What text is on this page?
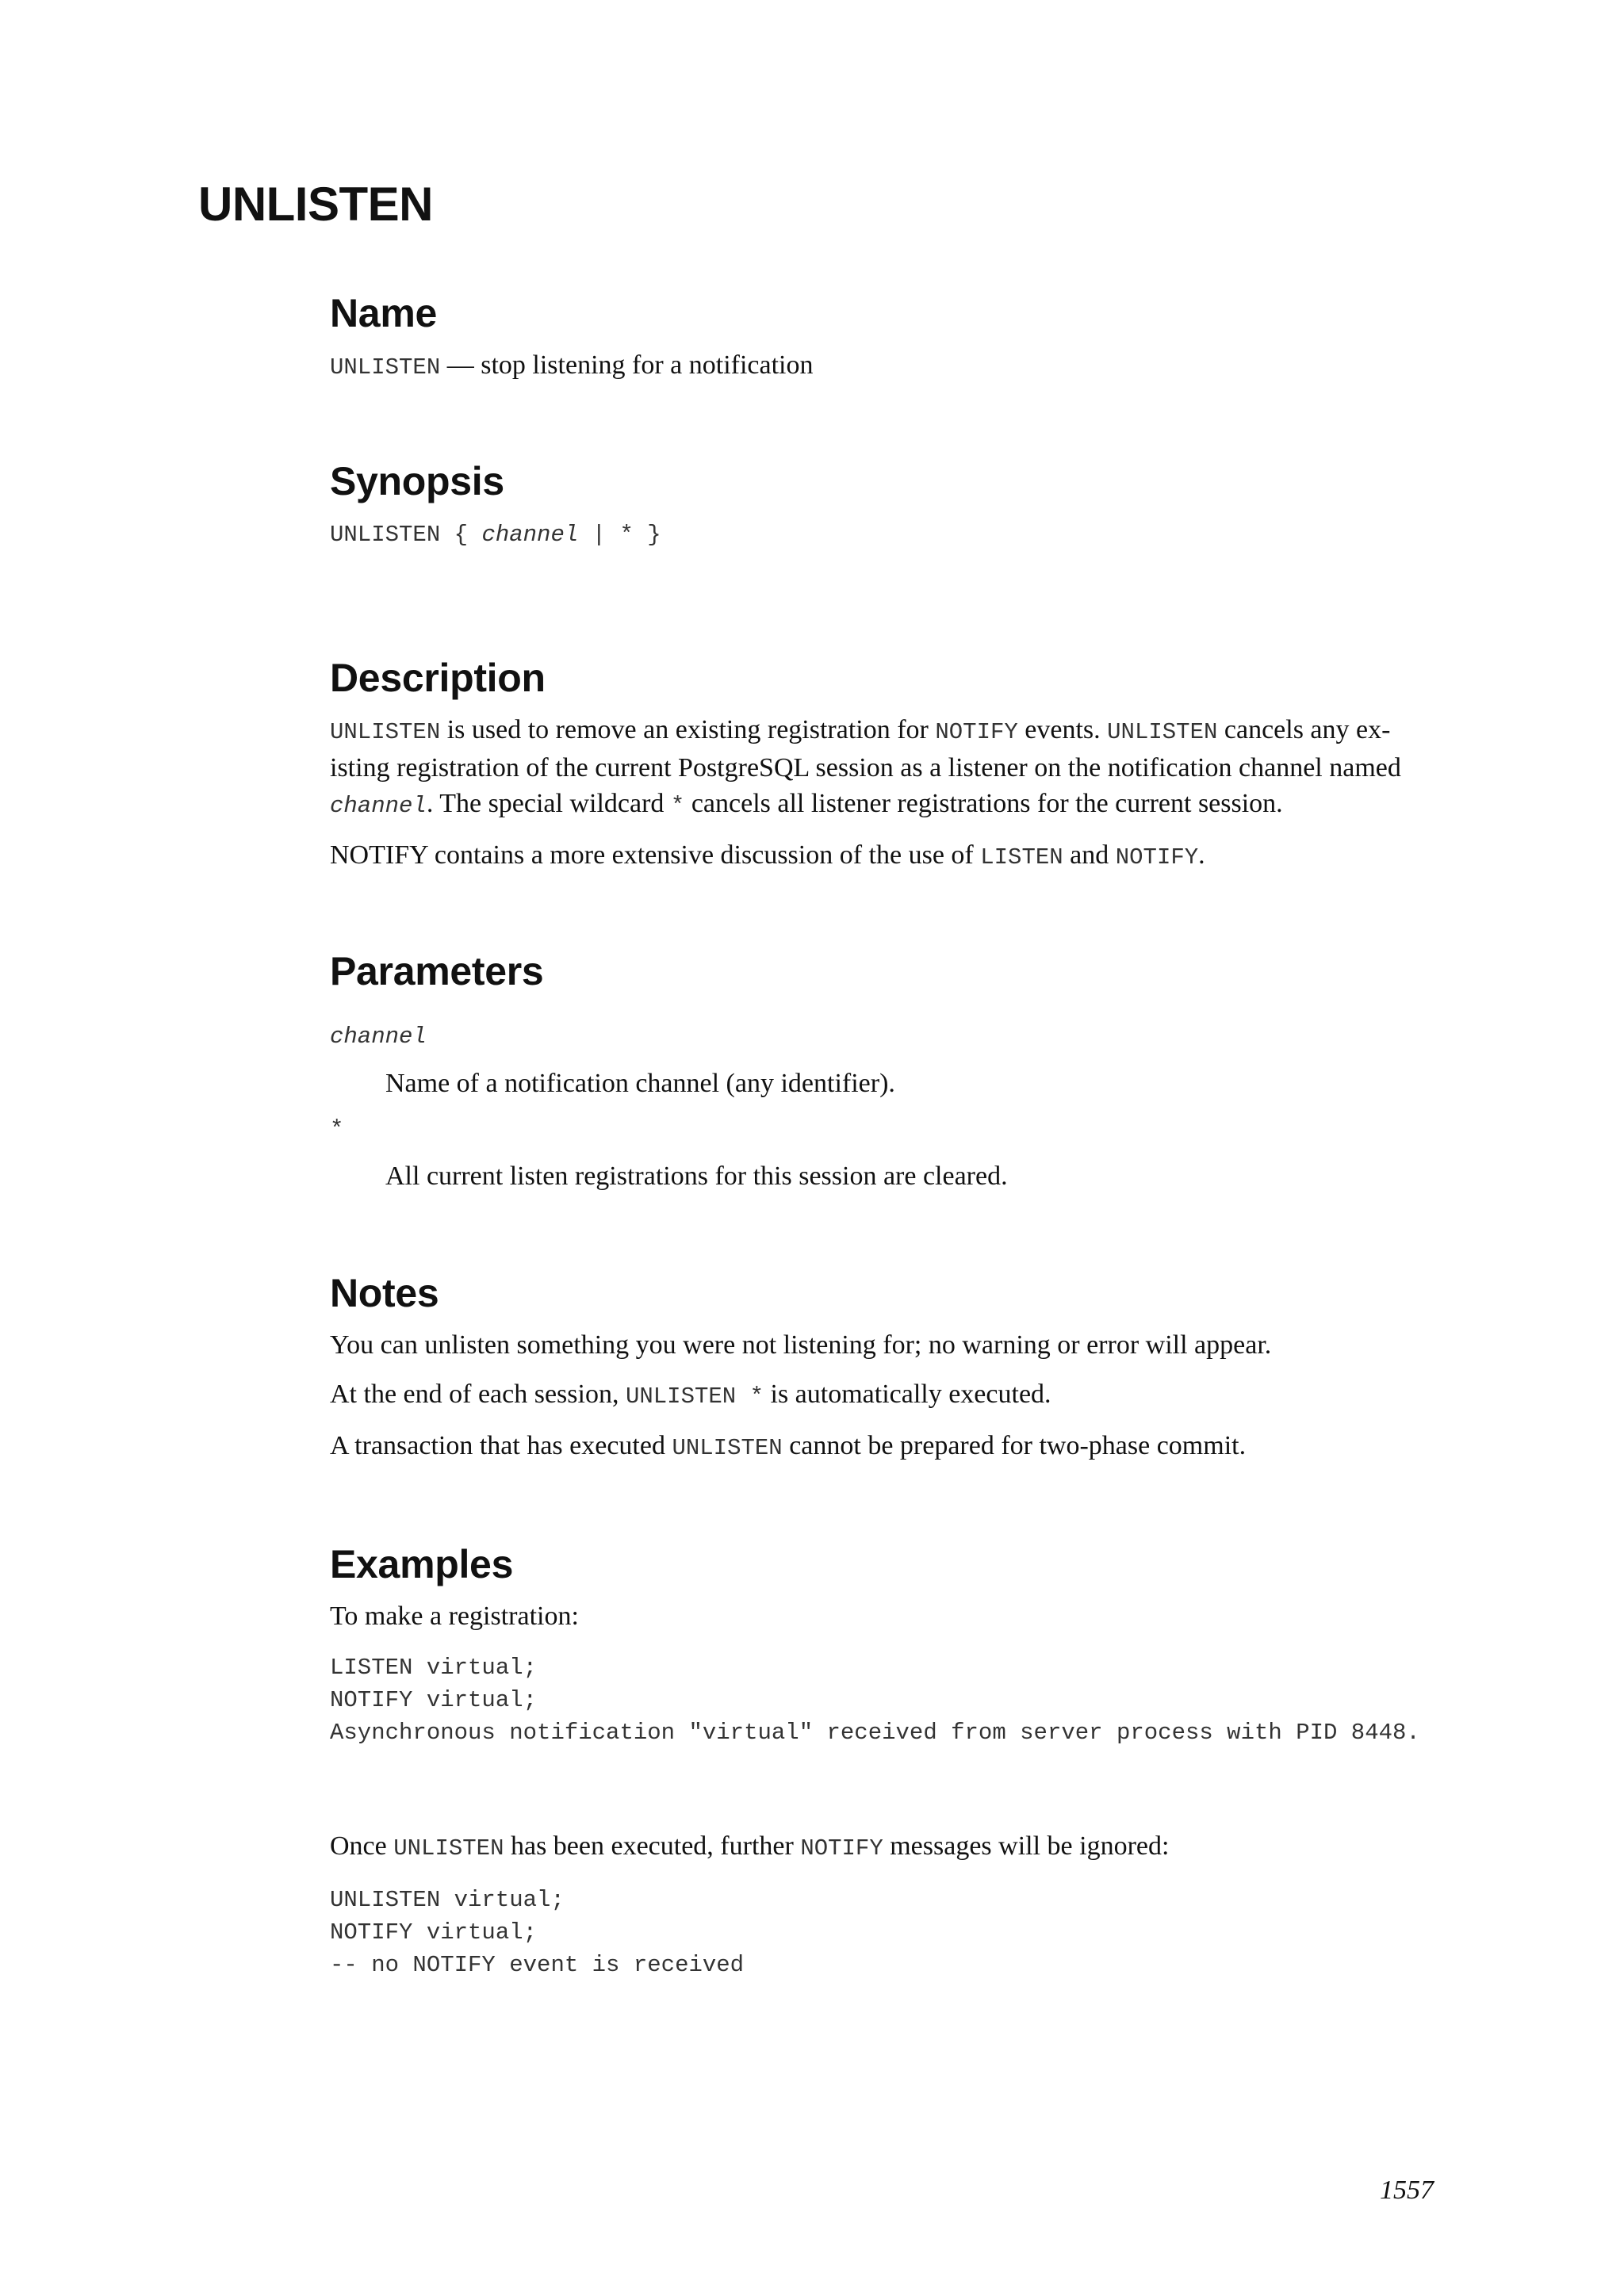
UNLISTEN
Name

UNLISTEN — stop listening for a notification

Synopsis
UNLISTEN { channel | * }
Description

UNLISTEN is used to remove an existing registration for NOTIFY events. UNLISTEN cancels any ex-
isting registration of the current PostgreSQL session as a listener on the notification channel named
channel. The special wildcard * cancels all listener registrations for the current session.

NOTIFY contains a more extensive discussion of the use of LISTEN and NOTIFY.

Parameters
channel

Name of a notification channel (any identifier).

*

All current listen registrations for this session are cleared.

Notes

You can unlisten something you were not listening for; no warning or error will appear.

At the end of each session, UNLISTEN * is automatically executed.

A transaction that has executed UNLISTEN cannot be prepared for two-phase commit.

Examples

To make a registration:

LISTEN virtual;
NOTIFY virtual;
Asynchronous notification "virtual" received from server process with PID 8448.

Once UNLISTEN has been executed, further NOTIFY messages will be ignored:

UNLISTEN virtual;
NOTIFY virtual;
-- no NOTIFY event is received
1557
